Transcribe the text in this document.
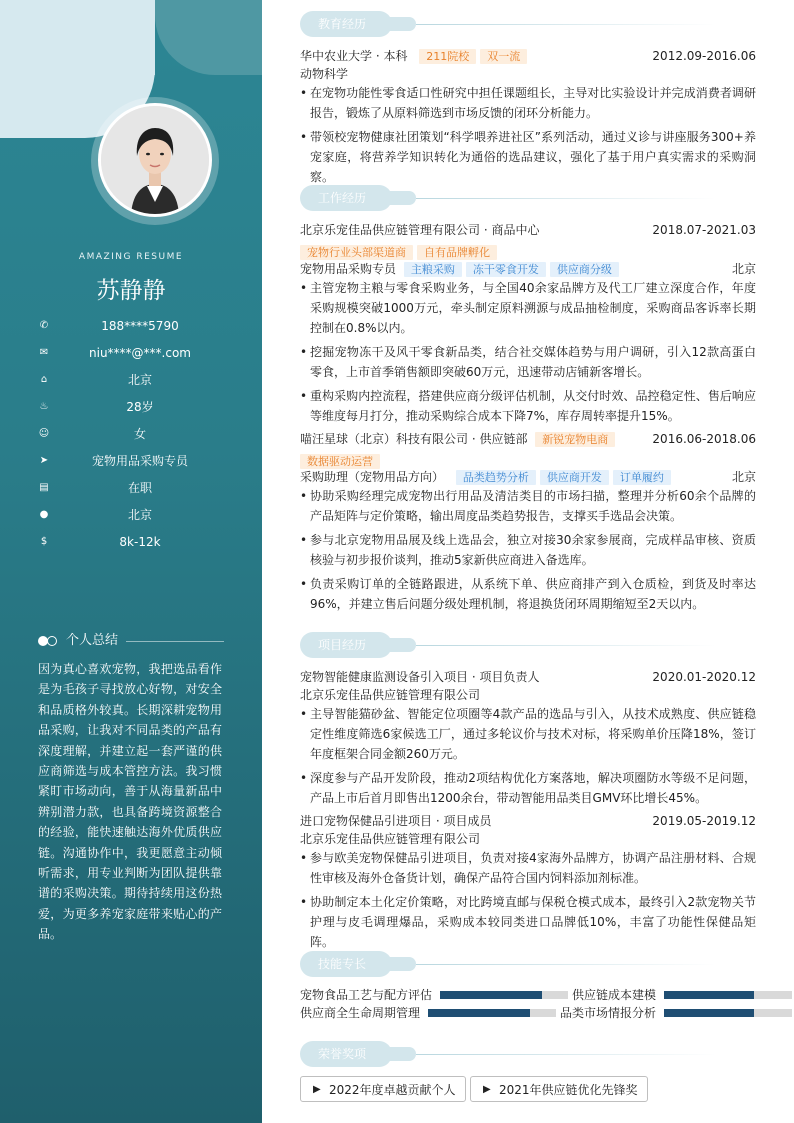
AMAZING RESUME
苏静静
✆	188****5790
✉	niu****@***.com
⌂	北京
♨	28岁
☺	女
➤	宠物用品采购专员
▤	在职
●	北京
$	8k-12k
个人总结
因为真心喜欢宠物，我把选品看作是为毛孩子寻找放心好物，对安全和品质格外较真。长期深耕宠物用品采购，让我对不同品类的产品有深度理解，并建立起一套严谨的供应商筛选与成本管控方法。我习惯紧盯市场动向，善于从海量新品中辨别潜力款，也具备跨境资源整合的经验，能快速触达海外优质供应链。沟通协作中，我更愿意主动倾听需求，用专业判断为团队提供靠谱的采购决策。期待持续用这份热爱，为更多养宠家庭带来贴心的产品。
教育经历
华中农业大学 · 本科 211院校 双一流	2012.09-2016.06
动物科学
• 在宠物功能性零食适口性研究中担任课题组长，主导对比实验设计并完成消费者调研报告，锻炼了从原料筛选到市场反馈的闭环分析能力。
• 带领校宠物健康社团策划“科学喂养进社区”系列活动，通过义诊与讲座服务300+养宠家庭，将营养学知识转化为通俗的选品建议，强化了基于用户真实需求的采购洞察。
工作经历
北京乐宠佳品供应链管理有限公司 · 商品中心	2018.07-2021.03
宠物行业头部渠道商 自有品牌孵化
宠物用品采购专员 主粮采购 冻干零食开发 供应商分级	北京
• 主管宠物主粮与零食采购业务，与全国40余家品牌方及代工厂建立深度合作，年度采购规模突破1000万元，牵头制定原料溯源与成品抽检制度，采购商品客诉率长期控制在0.8%以内。
• 挖掘宠物冻干及风干零食新品类，结合社交媒体趋势与用户调研，引入12款高蛋白零食，上市首季销售额即突破60万元，迅速带动店铺新客增长。
• 重构采购内控流程，搭建供应商分级评估机制，从交付时效、品控稳定性、售后响应等维度每月打分，推动采购综合成本下降7%，库存周转率提升15%。
喵汪星球（北京）科技有限公司 · 供应链部 新锐宠物电商	2016.06-2018.06
数据驱动运营
采购助理（宠物用品方向） 品类趋势分析 供应商开发 订单履约	北京
• 协助采购经理完成宠物出行用品及清洁类目的市场扫描，整理并分析60余个品牌的产品矩阵与定价策略，输出周度品类趋势报告，支撑买手选品会决策。
• 参与北京宠物用品展及线上选品会，独立对接30余家参展商，完成样品审核、资质核验与初步报价谈判，推动5家新供应商进入备选库。
• 负责采购订单的全链路跟进，从系统下单、供应商排产到入仓质检，到货及时率达96%，并建立售后问题分级处理机制，将退换货闭环周期缩短至2天以内。
项目经历
宠物智能健康监测设备引入项目 · 项目负责人	2020.01-2020.12
北京乐宠佳品供应链管理有限公司
• 主导智能猫砂盆、智能定位项圈等4款产品的选品与引入，从技术成熟度、供应链稳定性维度筛选6家候选工厂，通过多轮议价与技术对标，将采购单价压降18%，签订年度框架合同金额260万元。
• 深度参与产品开发阶段，推动2项结构优化方案落地，解决项圈防水等级不足问题，产品上市后首月即售出1200余台，带动智能用品类目GMV环比增长45%。
进口宠物保健品引进项目 · 项目成员	2019.05-2019.12
北京乐宠佳品供应链管理有限公司
• 参与欧美宠物保健品引进项目，负责对接4家海外品牌方，协调产品注册材料、合规性审核及海外仓备货计划，确保产品符合国内饲料添加剂标准。
• 协助制定本土化定价策略，对比跨境直邮与保税仓模式成本，最终引入2款宠物关节护理与皮毛调理爆品，采购成本较同类进口品牌低10%，丰富了功能性保健品矩阵。
技能专长
宠物食品工艺与配方评估	供应链成本建模
供应商全生命周期管理	品类市场情报分析
荣誉奖项
▶ 2022年度卓越贡献个人	▶ 2021年供应链优化先锋奖
